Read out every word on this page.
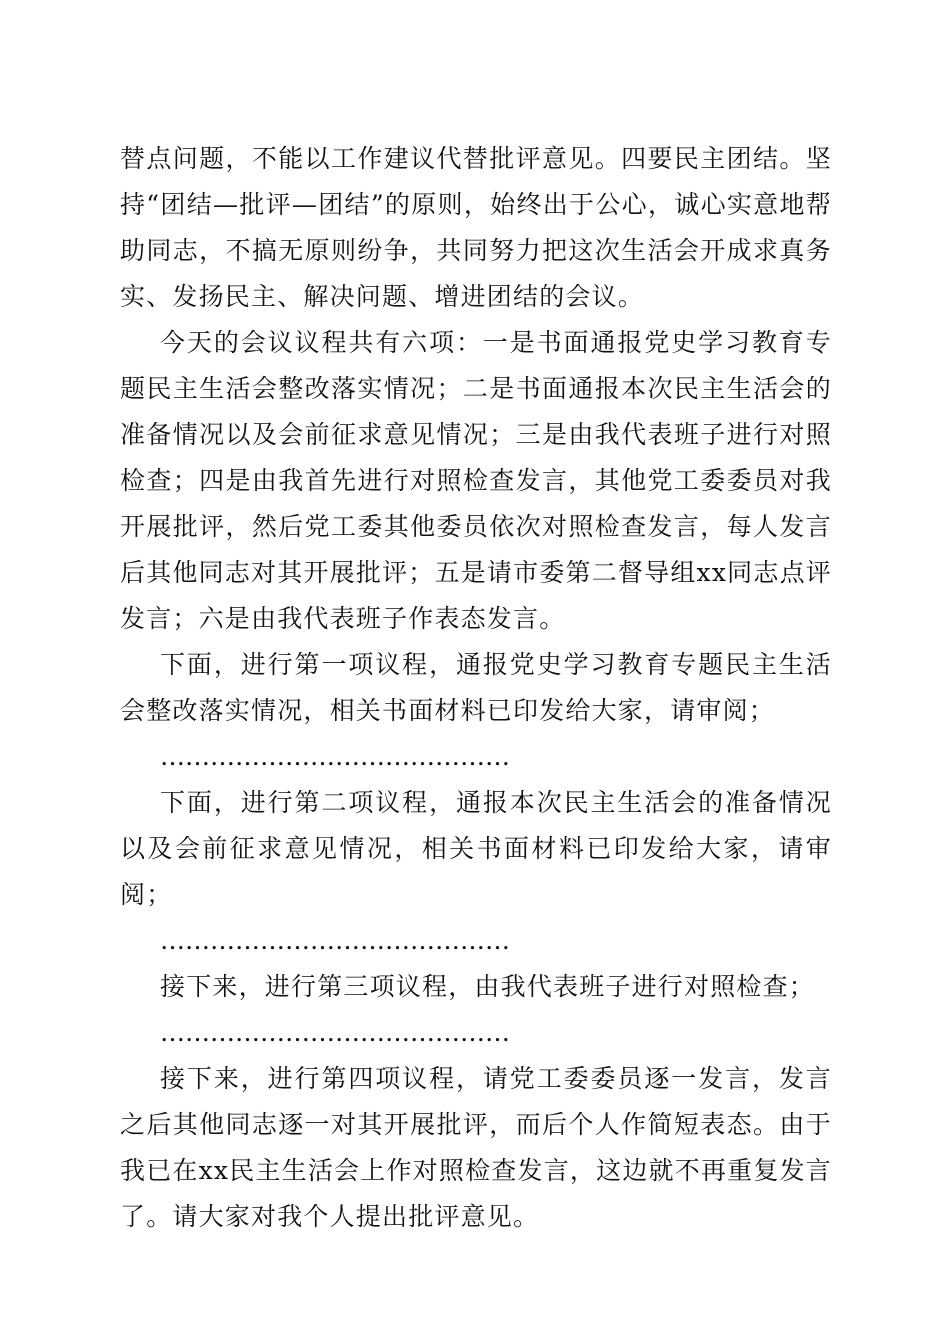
替点问题，不能以工作建议代替批评意见。四要民主团结。坚持“团结—批评—团结”的原则，始终出于公心，诚心实意地帮助同志，不搞无原则纷争，共同努力把这次生活会开成求真务实、发扬民主、解决问题、增进团结的会议。

今天的会议议程共有六项：一是书面通报党史学习教育专题民主生活会整改落实情况；二是书面通报本次民主生活会的准备情况以及会前征求意见情况；三是由我代表班子进行对照检查；四是由我首先进行对照检查发言，其他党工委委员对我开展批评，然后党工委其他委员依次对照检查发言，每人发言后其他同志对其开展批评；五是请市委第二督导组xx同志点评发言；六是由我代表班子作表态发言。

下面，进行第一项议程，通报党史学习教育专题民主生活会整改落实情况，相关书面材料已印发给大家，请审阅；

……………………………………

下面，进行第二项议程，通报本次民主生活会的准备情况以及会前征求意见情况，相关书面材料已印发给大家，请审阅；

……………………………………

接下来，进行第三项议程，由我代表班子进行对照检查；

……………………………………

接下来，进行第四项议程，请党工委委员逐一发言，发言之后其他同志逐一对其开展批评，而后个人作简短表态。由于我已在xx民主生活会上作对照检查发言，这边就不再重复发言了。请大家对我个人提出批评意见。
